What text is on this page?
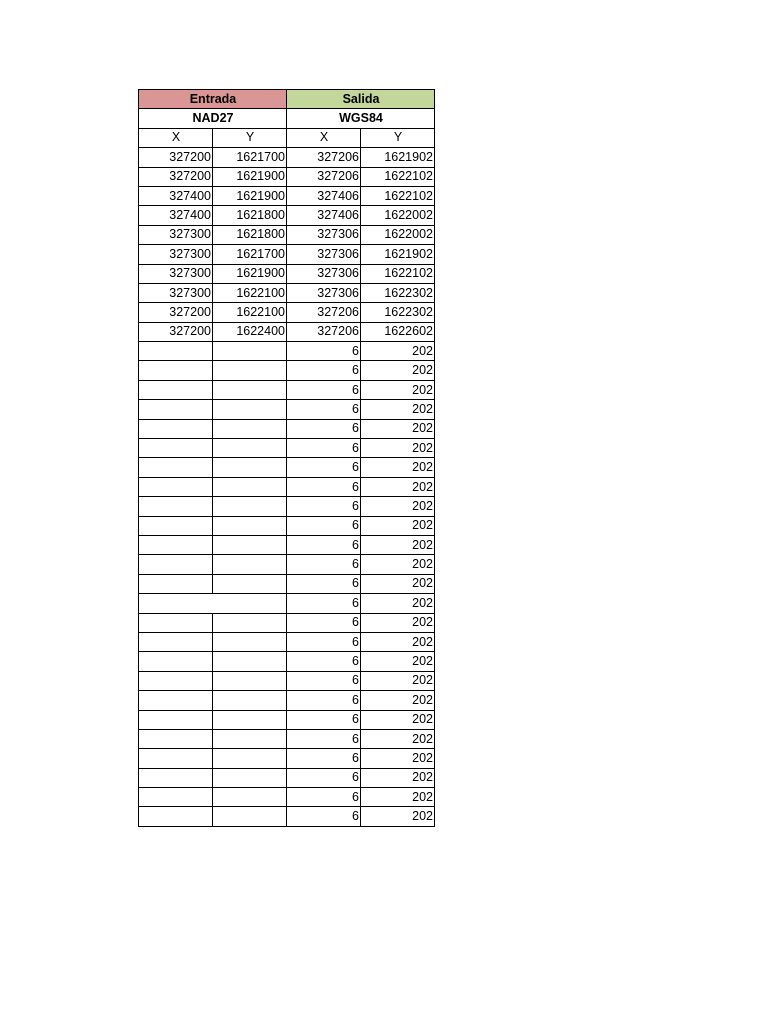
Entrada		Salida	
NAD27		WGS84	
X	Y	X	Y
327200	1621700	327206	1621902
327200	1621900	327206	1622102
327400	1621900	327406	1622102
327400	1621800	327406	1622002
327300	1621800	327306	1622002
327300	1621700	327306	1621902
327300	1621900	327306	1622102
327300	1622100	327306	1622302
327200	1622100	327206	1622302
327200	1622400	327206	1622602
		6	202
		6	202
		6	202
		6	202
		6	202
		6	202
		6	202
		6	202
		6	202
		6	202
		6	202
		6	202
		6	202
		6	202
		6	202
		6	202
		6	202
		6	202
		6	202
		6	202
		6	202
		6	202
		6	202
		6	202
		6	202
